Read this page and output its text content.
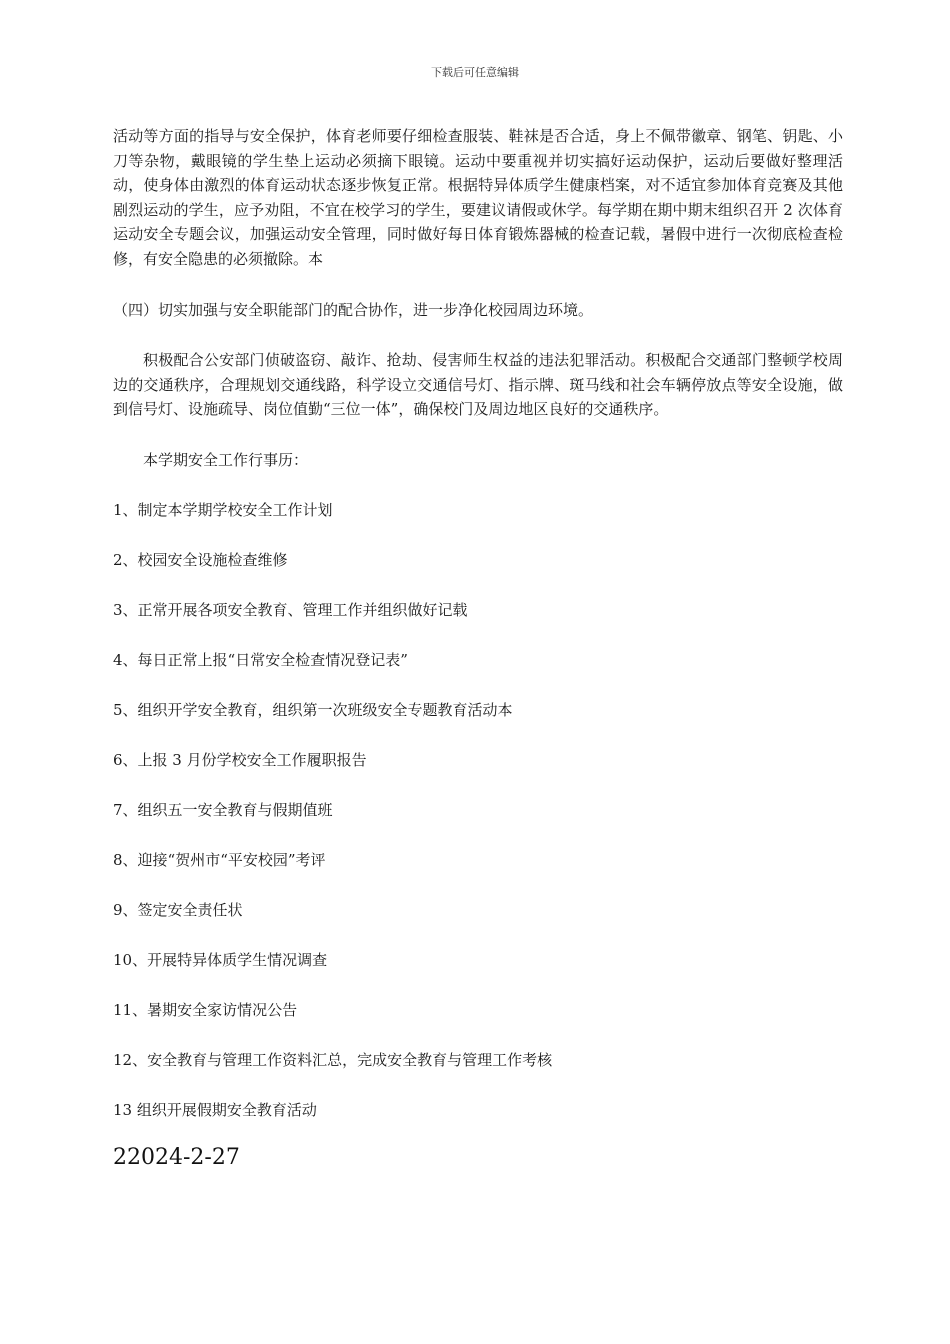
下载后可任意编辑
活动等方面的指导与安全保护，体育老师要仔细检查服装、鞋袜是否合适，身上不佩带徽章、钢笔、钥匙、小刀等杂物，戴眼镜的学生垫上运动必须摘下眼镜。运动中要重视并切实搞好运动保护，运动后要做好整理活动，使身体由激烈的体育运动状态逐步恢复正常。根据特异体质学生健康档案，对不适宜参加体育竞赛及其他剧烈运动的学生，应予劝阻，不宜在校学习的学生，要建议请假或休学。每学期在期中期末组织召开 2 次体育运动安全专题会议，加强运动安全管理，同时做好每日体育锻炼器械的检查记载，暑假中进行一次彻底检查检修，有安全隐患的必须撤除。本
（四）切实加强与安全职能部门的配合协作，进一步净化校园周边环境。
积极配合公安部门侦破盗窃、敲诈、抢劫、侵害师生权益的违法犯罪活动。积极配合交通部门整顿学校周边的交通秩序，合理规划交通线路，科学设立交通信号灯、指示牌、斑马线和社会车辆停放点等安全设施，做到信号灯、设施疏导、岗位值勤“三位一体”，确保校门及周边地区良好的交通秩序。
本学期安全工作行事历：
1、制定本学期学校安全工作计划
2、校园安全设施检查维修
3、正常开展各项安全教育、管理工作并组织做好记载
4、每日正常上报“日常安全检查情况登记表”
5、组织开学安全教育，组织第一次班级安全专题教育活动本
6、上报 3 月份学校安全工作履职报告
7、组织五一安全教育与假期值班
8、迎接“贺州市“平安校园”考评
9、签定安全责任状
10、开展特异体质学生情况调查
11、暑期安全家访情况公告
12、安全教育与管理工作资料汇总，完成安全教育与管理工作考核
13 组织开展假期安全教育活动
22024-2-27
